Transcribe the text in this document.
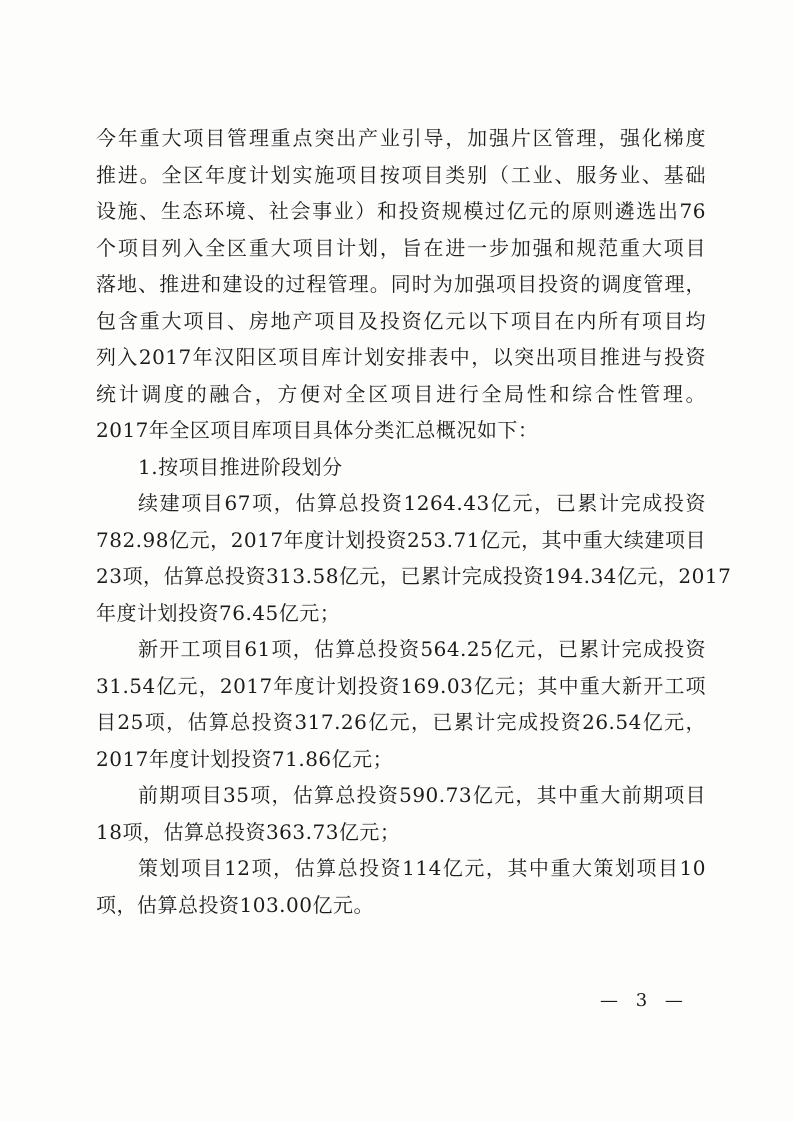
今年重大项目管理重点突出产业引导，加强片区管理，强化梯度
推进。全区年度计划实施项目按项目类别（工业、服务业、基础
设施、生态环境、社会事业）和投资规模过亿元的原则遴选出76
个项目列入全区重大项目计划，旨在进一步加强和规范重大项目
落地、推进和建设的过程管理。同时为加强项目投资的调度管理，
包含重大项目、房地产项目及投资亿元以下项目在内所有项目均
列入2017年汉阳区项目库计划安排表中，以突出项目推进与投资
统计调度的融合，方便对全区项目进行全局性和综合性管理。
2017年全区项目库项目具体分类汇总概况如下：
1.按项目推进阶段划分
续建项目67项，估算总投资1264.43亿元，已累计完成投资
782.98亿元，2017年度计划投资253.71亿元，其中重大续建项目
23项，估算总投资313.58亿元，已累计完成投资194.34亿元，2017
年度计划投资76.45亿元；
新开工项目61项，估算总投资564.25亿元，已累计完成投资
31.54亿元，2017年度计划投资169.03亿元；其中重大新开工项
目25项，估算总投资317.26亿元，已累计完成投资26.54亿元，
2017年度计划投资71.86亿元；
前期项目35项，估算总投资590.73亿元，其中重大前期项目
18项，估算总投资363.73亿元；
策划项目12项，估算总投资114亿元，其中重大策划项目10
项，估算总投资103.00亿元。
— 3 —
